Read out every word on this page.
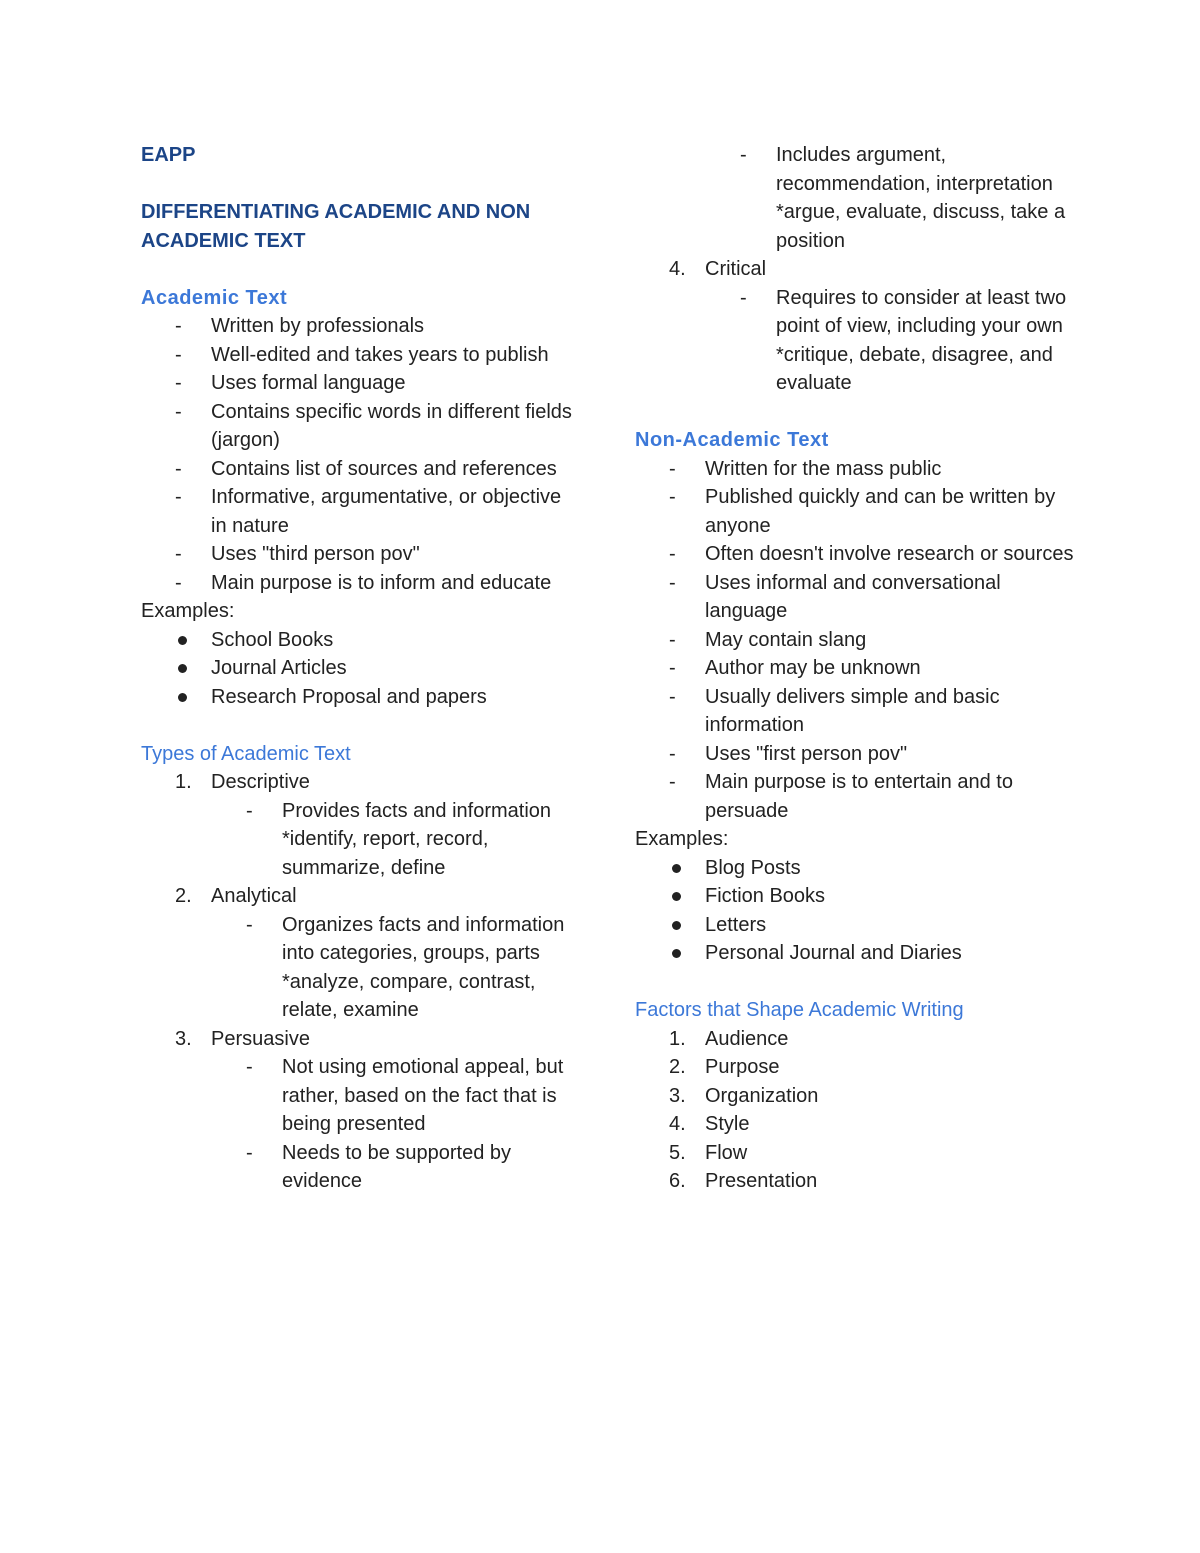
EAPP
DIFFERENTIATING ACADEMIC AND NON ACADEMIC TEXT
Academic Text
- Written by professionals
- Well-edited and takes years to publish
- Uses formal language
- Contains specific words in different fields (jargon)
- Contains list of sources and references
- Informative, argumentative, or objective in nature
- Uses "third person pov"
- Main purpose is to inform and educate
Examples:
School Books
Journal Articles
Research Proposal and papers
Types of Academic Text
1. Descriptive
- Provides facts and information *identify, report, record, summarize, define
2. Analytical
- Organizes facts and information into categories, groups, parts *analyze, compare, contrast, relate, examine
3. Persuasive
- Not using emotional appeal, but rather, based on the fact that is being presented
- Needs to be supported by evidence
- Includes argument, recommendation, interpretation *argue, evaluate, discuss, take a position
4. Critical
- Requires to consider at least two point of view, including your own *critique, debate, disagree, and evaluate
Non-Academic Text
- Written for the mass public
- Published quickly and can be written by anyone
- Often doesn't involve research or sources
- Uses informal and conversational language
- May contain slang
- Author may be unknown
- Usually delivers simple and basic information
- Uses "first person pov"
- Main purpose is to entertain and to persuade
Examples:
Blog Posts
Fiction Books
Letters
Personal Journal and Diaries
Factors that Shape Academic Writing
1. Audience
2. Purpose
3. Organization
4. Style
5. Flow
6. Presentation
